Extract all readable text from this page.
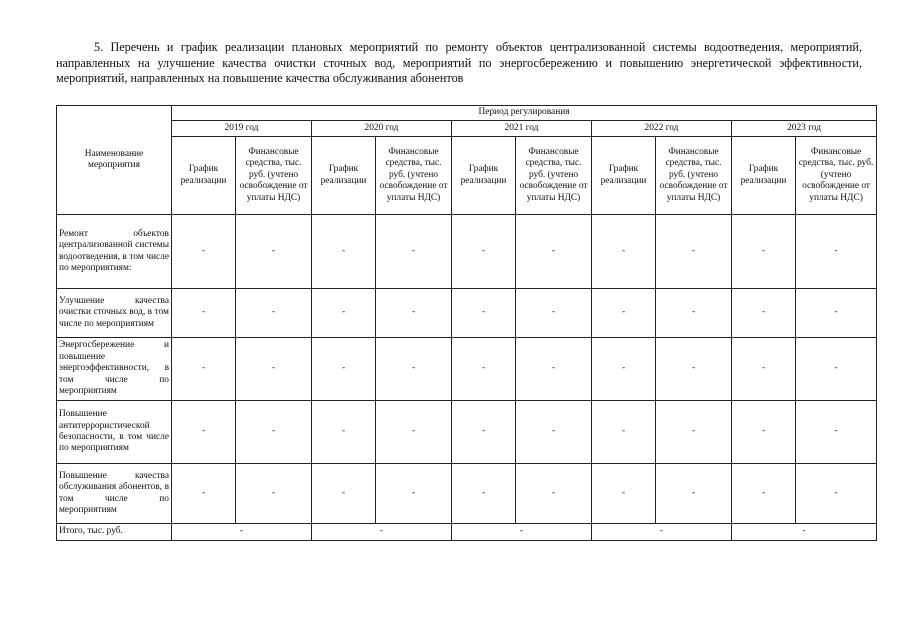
5. Перечень и график реализации плановых мероприятий по ремонту объектов централизованной системы водоотведения, мероприятий, направленных на улучшение качества очистки сточных вод, мероприятий по энергосбережению и повышению энергетической эффективности, мероприятий, направленных на повышение качества обслуживания абонентов
Наименование мероприятия	Период регулирования									
	2019 год		2020 год		2021 год		2022 год		2023 год	
	График реализации	Финансовые средства, тыс. руб. (учтено освобождение от уплаты НДС)	График реализации	Финансовые средства, тыс. руб. (учтено освобождение от уплаты НДС)	График реализации	Финансовые средства, тыс. руб. (учтено освобождение от уплаты НДС)	График реализации	Финансовые средства, тыс. руб. (учтено освобождение от уплаты НДС)	График реализации	Финансовые средства, тыс. руб. (учтено освобождение от уплаты НДС)
Ремонт объектов централизованной системы водоотведения, в том числе по мероприятиям:	-	-	-	-	-	-	-	-	-	-
Улучшение качества очистки сточных вод, в том числе по мероприятиям	-	-	-	-	-	-	-	-	-	-
Энергосбережение и повышение энергоэффективности, в том числе по мероприятиям	-	-	-	-	-	-	-	-	-	-
Повышение антитеррористической безопасности, в том числе по мероприятиям	-	-	-	-	-	-	-	-	-	-
Повышение качества обслуживания абонентов, в том числе по мероприятиям	-	-	-	-	-	-	-	-	-	-
Итого, тыс. руб.	-		-		-		-		-	
